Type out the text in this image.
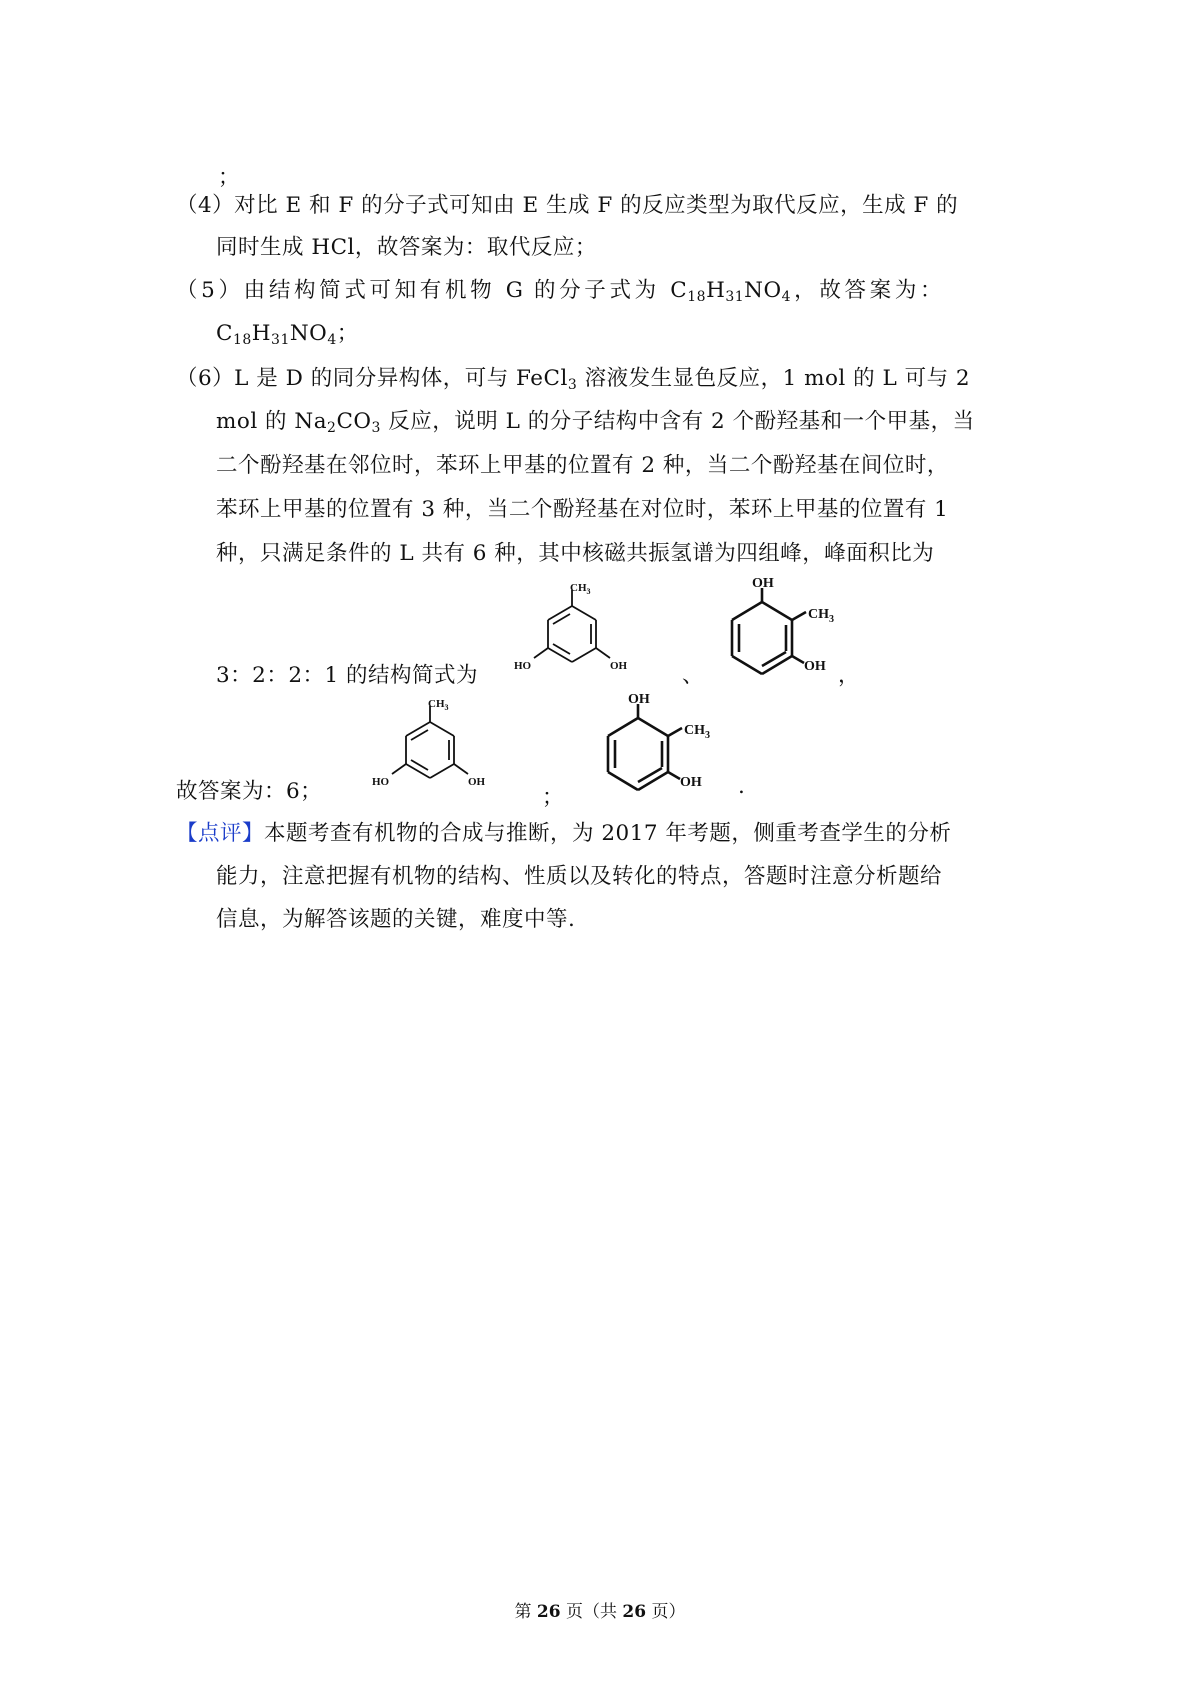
；
（4）对比 E 和 F 的分子式可知由 E 生成 F 的反应类型为取代反应，生成 F 的
同时生成 HCl，故答案为：取代反应；
（5）由结构简式可知有机物 G 的分子式为 $C_{18}H_{31}NO_4$，故答案为：
$C_{18}H_{31}NO_4$；
（6）L 是 D 的同分异构体，可与 FeCl$_3$ 溶液发生显色反应，1 mol 的 L 可与 2
mol 的 $Na_2CO_3$ 反应，说明 L 的分子结构中含有 2 个酚羟基和一个甲基，当
二个酚羟基在邻位时，苯环上甲基的位置有 2 种，当二个酚羟基在间位时，
苯环上甲基的位置有 3 种，当二个酚羟基在对位时，苯环上甲基的位置有 1
种，只满足条件的 L 共有 6 种，其中核磁共振氢谱为四组峰，峰面积比为
3：2：2：1 的结构简式为
$CH_3$
OH
HO	、
OH
$CH_3$
OH ，
故答案为：6；
$CH_3$
OH
HO
；
OH
$CH_3$
OH .
【点评】本题考查有机物的合成与推断，为 2017 年考题，侧重考查学生的分析
能力，注意把握有机物的结构、性质以及转化的特点，答题时注意分析题给
信息，为解答该题的关键，难度中等.
第 26 页（共 26 页）
